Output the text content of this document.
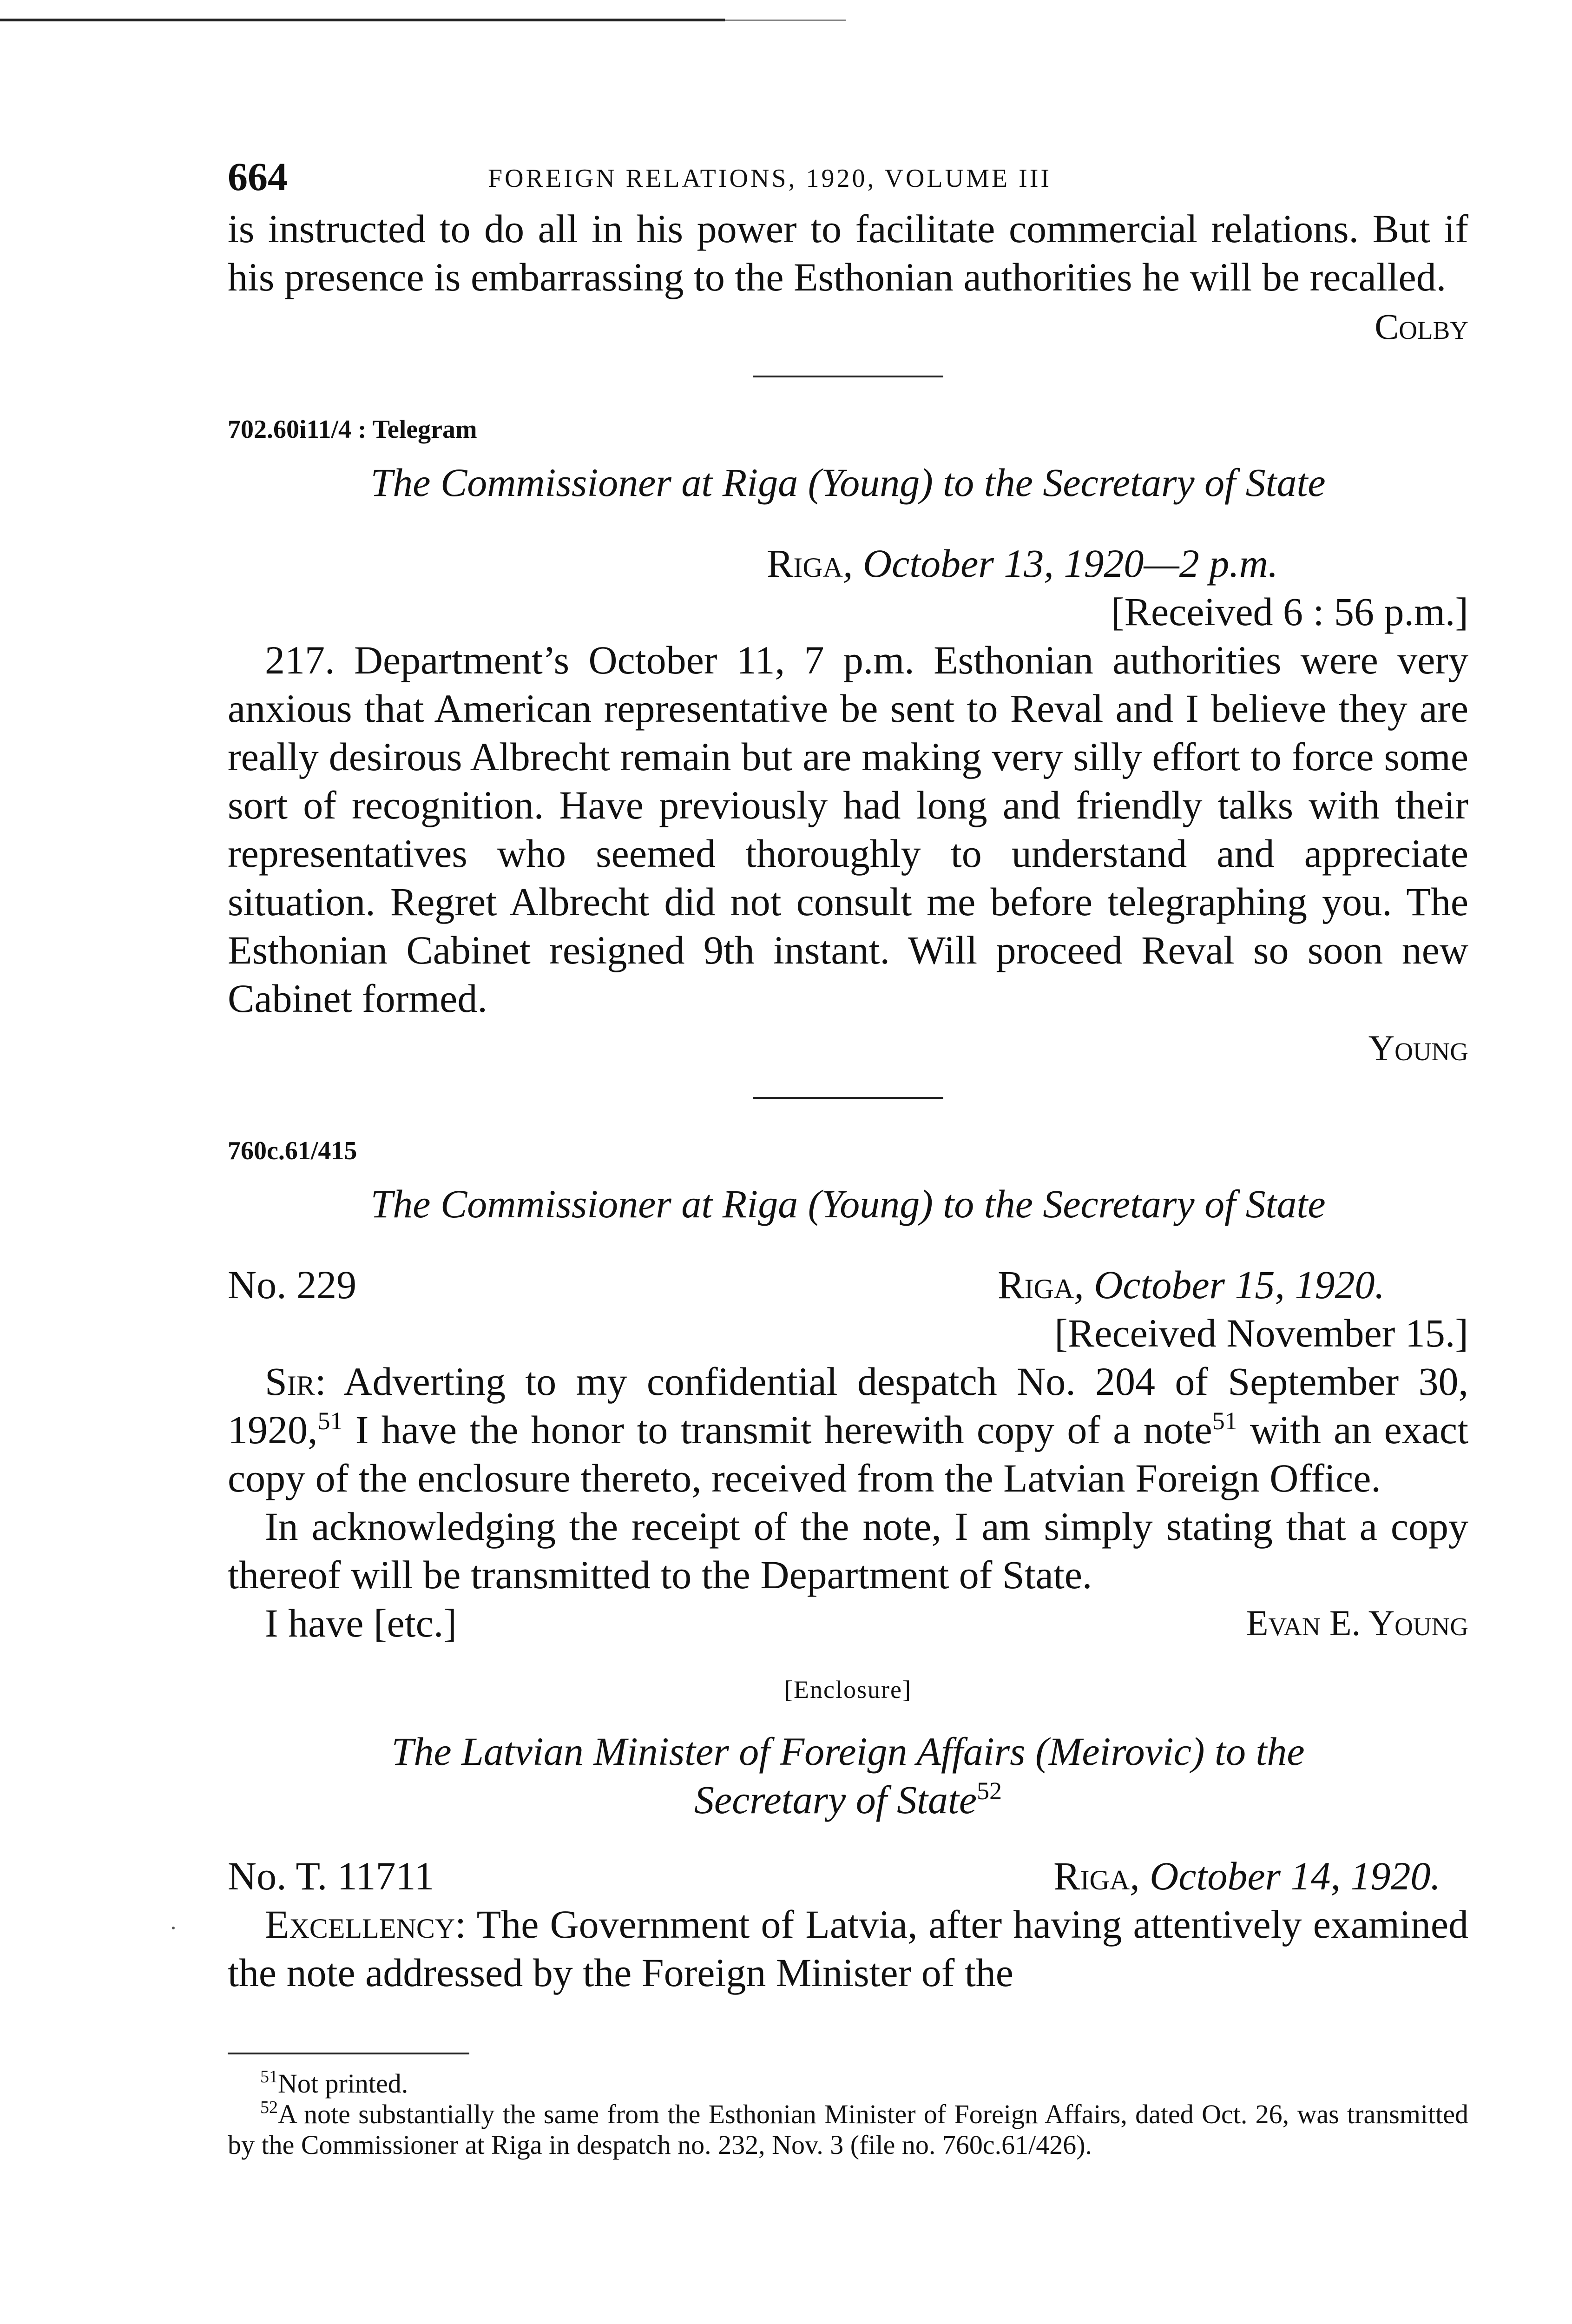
664	FOREIGN RELATIONS, 1920, VOLUME III

is instructed to do all in his power to facilitate commercial relations. But if his presence is embarrassing to the Esthonian authorities he will be recalled.

Colby

702.60i11/4 : Telegram

The Commissioner at Riga (Young) to the Secretary of State

Riga, October 13, 1920—2 p.m.

[Received 6 : 56 p.m.]

217. Department’s October 11, 7 p.m. Esthonian authorities were very anxious that American representative be sent to Reval and I believe they are really desirous Albrecht remain but are making very silly effort to force some sort of recognition. Have previously had long and friendly talks with their representatives who seemed thoroughly to understand and appreciate situation. Regret Albrecht did not consult me before telegraphing you. The Esthonian Cabinet resigned 9th instant. Will proceed Reval so soon new Cabinet formed.

Young

760c.61/415

The Commissioner at Riga (Young) to the Secretary of State

No. 229	Riga, October 15, 1920.

[Received November 15.]

Sir: Adverting to my confidential despatch No. 204 of September 30, 1920,51 I have the honor to transmit herewith copy of a note$^{51}$ with an exact copy of the enclosure thereto, received from the Latvian Foreign Office.

In acknowledging the receipt of the note, I am simply stating that a copy thereof will be transmitted to the Department of State.

I have [etc.]	Evan E. Young

[Enclosure]

The Latvian Minister of Foreign Affairs (Meirovic) to the
Secretary of State$^{52}$

No. T. 11711	Riga, October 14, 1920.

Excellency: The Government of Latvia, after having attentively examined the note addressed by the Foreign Minister of the

$^{51}$Not printed.

$^{52}$A note substantially the same from the Esthonian Minister of Foreign Affairs, dated Oct. 26, was transmitted by the Commissioner at Riga in despatch no. 232, Nov. 3 (file no. 760c.61/426).
